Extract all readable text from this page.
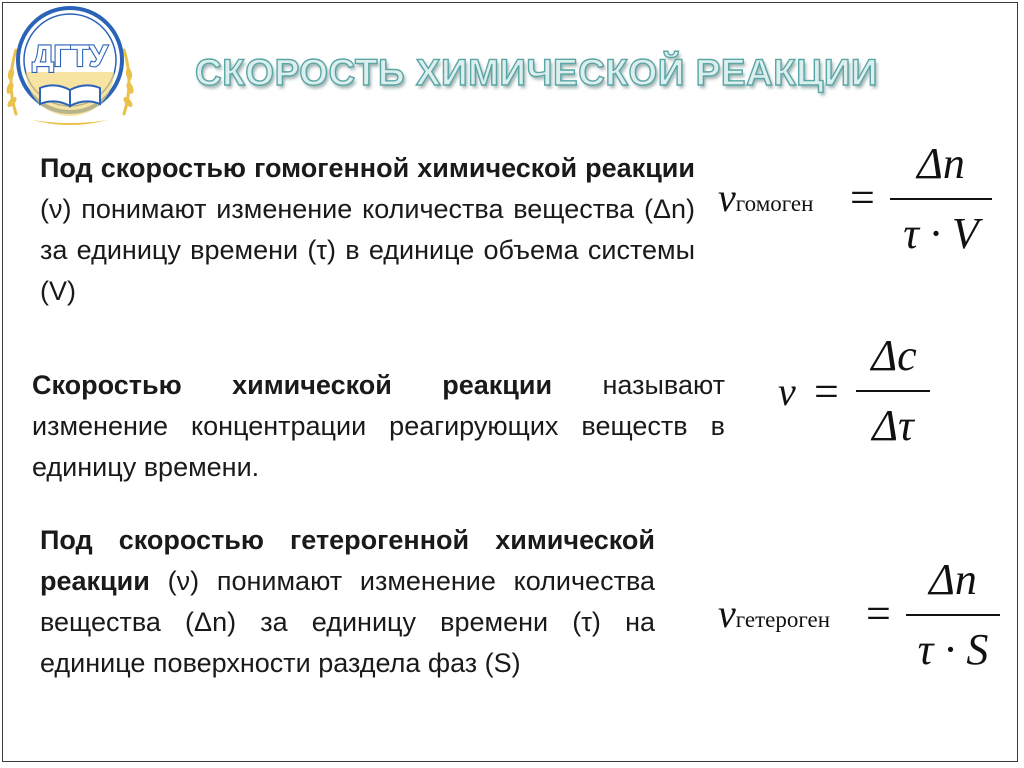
ДГТУ СКОРОСТЬ ХИМИЧЕСКОЙ РЕАКЦИИ

Под скоростью гомогенной химической реакции (ν) понимают изменение количества вещества (Δn) за единицу времени (τ) в единице объема системы (V)

Скоростью химической реакции называют изменение концентрации реагирующих веществ в единицу времени.

Под скоростью гетерогенной химической реакции (ν) понимают изменение количества вещества (Δn) за единицу времени (τ) на единице поверхности раздела фаз (S)

vгомоген =
Δn
τ · V
v =
Δc
Δτ
vгетероген =
Δn
τ · S
